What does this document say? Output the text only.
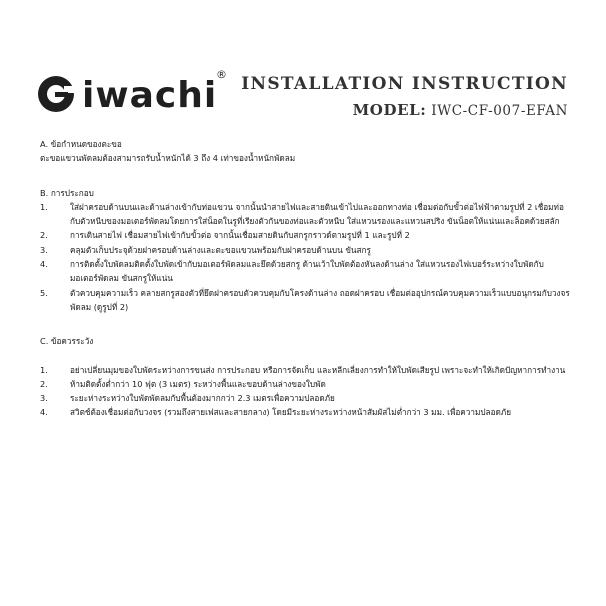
iwachi
® INSTALLATION INSTRUCTION
MODEL: IWC-CF-007-EFAN

A. ข้อกำหนดของตะขอ

ตะขอแขวนพัดลมต้องสามารถรับน้ำหนักได้ 3 ถึง 4 เท่าของน้ำหนักพัดลม

B. การประกอบ

1.	ใส่ฝาครอบด้านบนและด้านล่างเข้ากับท่อแขวน จากนั้นนำสายไฟและสายดินเข้าไปและออกทางท่อ เชื่อมต่อกับขั้วต่อไฟฟ้าตามรูปที่ 2 เชื่อมท่อกับตัวหนีบของมอเตอร์พัดลมโดยการใส่น็อตในรูที่เรียงตัวกันของท่อและตัวหนีบ ใส่แหวนรองและแหวนสปริง ขันน็อตให้แน่นและล็อคด้วยสลัก
2.	การเดินสายไฟ เชื่อมสายไฟเข้ากับขั้วต่อ จากนั้นเชื่อมสายดินกับสกรูกราวด์ตามรูปที่ 1 และรูปที่ 2
3.	คลุมตัวเก็บประจุด้วยฝาครอบด้านล่างและตะขอแขวนพร้อมกับฝาครอบด้านบน ขันสกรู
4.	การติดตั้งใบพัดลมติดตั้งใบพัดเข้ากับมอเตอร์พัดลมและยึดด้วยสกรู ด้านเว้าใบพัดต้องหันลงด้านล่าง ใส่แหวนรองไฟเบอร์ระหว่างใบพัดกับมอเตอร์พัดลม ขันสกรูให้แน่น
5.	ตัวควบคุมความเร็ว คลายสกรูสองตัวที่ยึดฝาครอบตัวควบคุมกับโครงด้านล่าง ถอดฝาครอบ เชื่อมต่ออุปกรณ์ควบคุมความเร็วแบบอนุกรมกับวงจรพัดลม (ดูรูปที่ 2)

C. ข้อควรระวัง

1.	อย่าเปลี่ยนมุมของใบพัดระหว่างการขนส่ง การประกอบ หรือการจัดเก็บ และหลีกเลี่ยงการทำให้ใบพัดเสียรูป เพราะจะทำให้เกิดปัญหาการทำงาน
2.	ห้ามติดตั้งต่ำกว่า 10 ฟุต (3 เมตร) ระหว่างพื้นและขอบด้านล่างของใบพัด
3.	ระยะห่างระหว่างใบพัดพัดลมกับพื้นต้องมากกว่า 2.3 เมตรเพื่อความปลอดภัย
4.	สวิตช์ต้องเชื่อมต่อกับวงจร (รวมถึงสายเฟสและสายกลาง) โดยมีระยะห่างระหว่างหน้าสัมผัสไม่ต่ำกว่า 3 มม. เพื่อความปลอดภัย
